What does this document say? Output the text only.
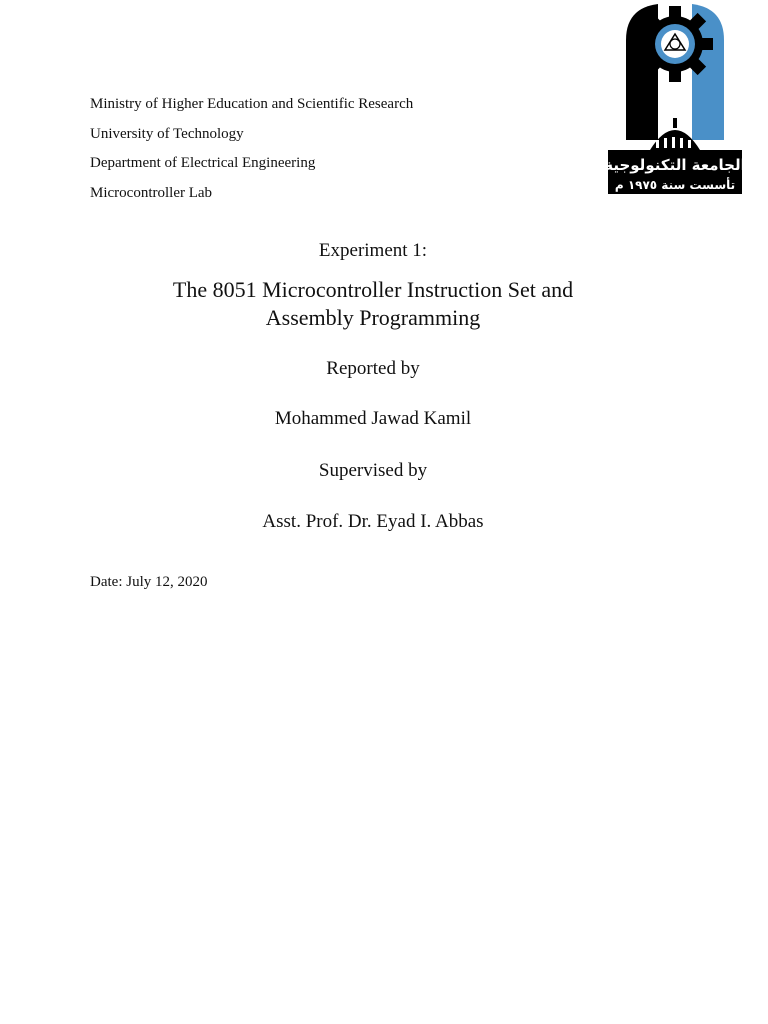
Ministry of Higher Education and Scientific Research
University of Technology
Department of Electrical Engineering
Microcontroller Lab
الجامعة التكنولوجية
تأسست سنة ١٩٧٥ م
Experiment 1:
The 8051 Microcontroller Instruction Set and
Assembly Programming
Reported by
Mohammed Jawad Kamil
Supervised by
Asst. Prof. Dr. Eyad I. Abbas
Date: July 12, 2020
